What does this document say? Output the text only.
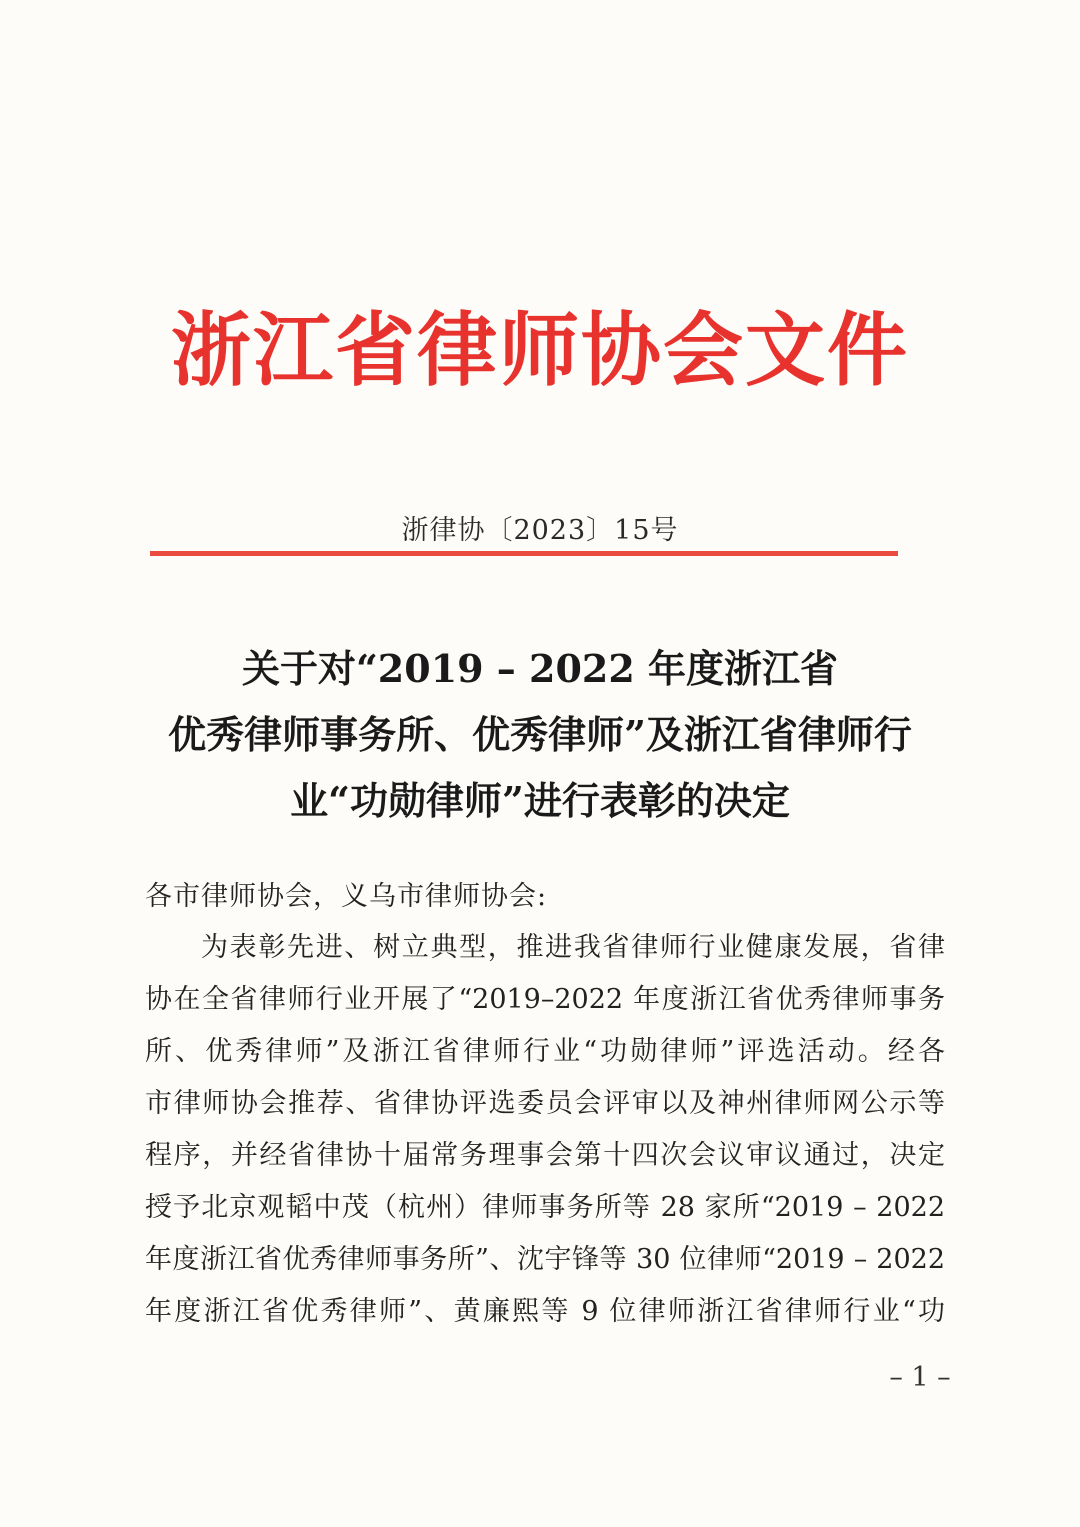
浙江省律师协会文件
浙律协〔2023〕15号
关于对“2019 – 2022 年度浙江省
优秀律师事务所、优秀律师”及浙江省律师行
业“功勋律师”进行表彰的决定
各市律师协会，义乌市律师协会:
为表彰先进、树立典型，推进我省律师行业健康发展，省律
协在全省律师行业开展了“2019–2022 年度浙江省优秀律师事务
所、优秀律师”及浙江省律师行业“功勋律师”评选活动。经各
市律师协会推荐、省律协评选委员会评审以及神州律师网公示等
程序，并经省律协十届常务理事会第十四次会议审议通过，决定
授予北京观韬中茂（杭州）律师事务所等 28 家所“2019 – 2022
年度浙江省优秀律师事务所”、沈宇锋等 30 位律师“2019 – 2022
年度浙江省优秀律师”、黄廉熙等 9 位律师浙江省律师行业“功
– 1 –
